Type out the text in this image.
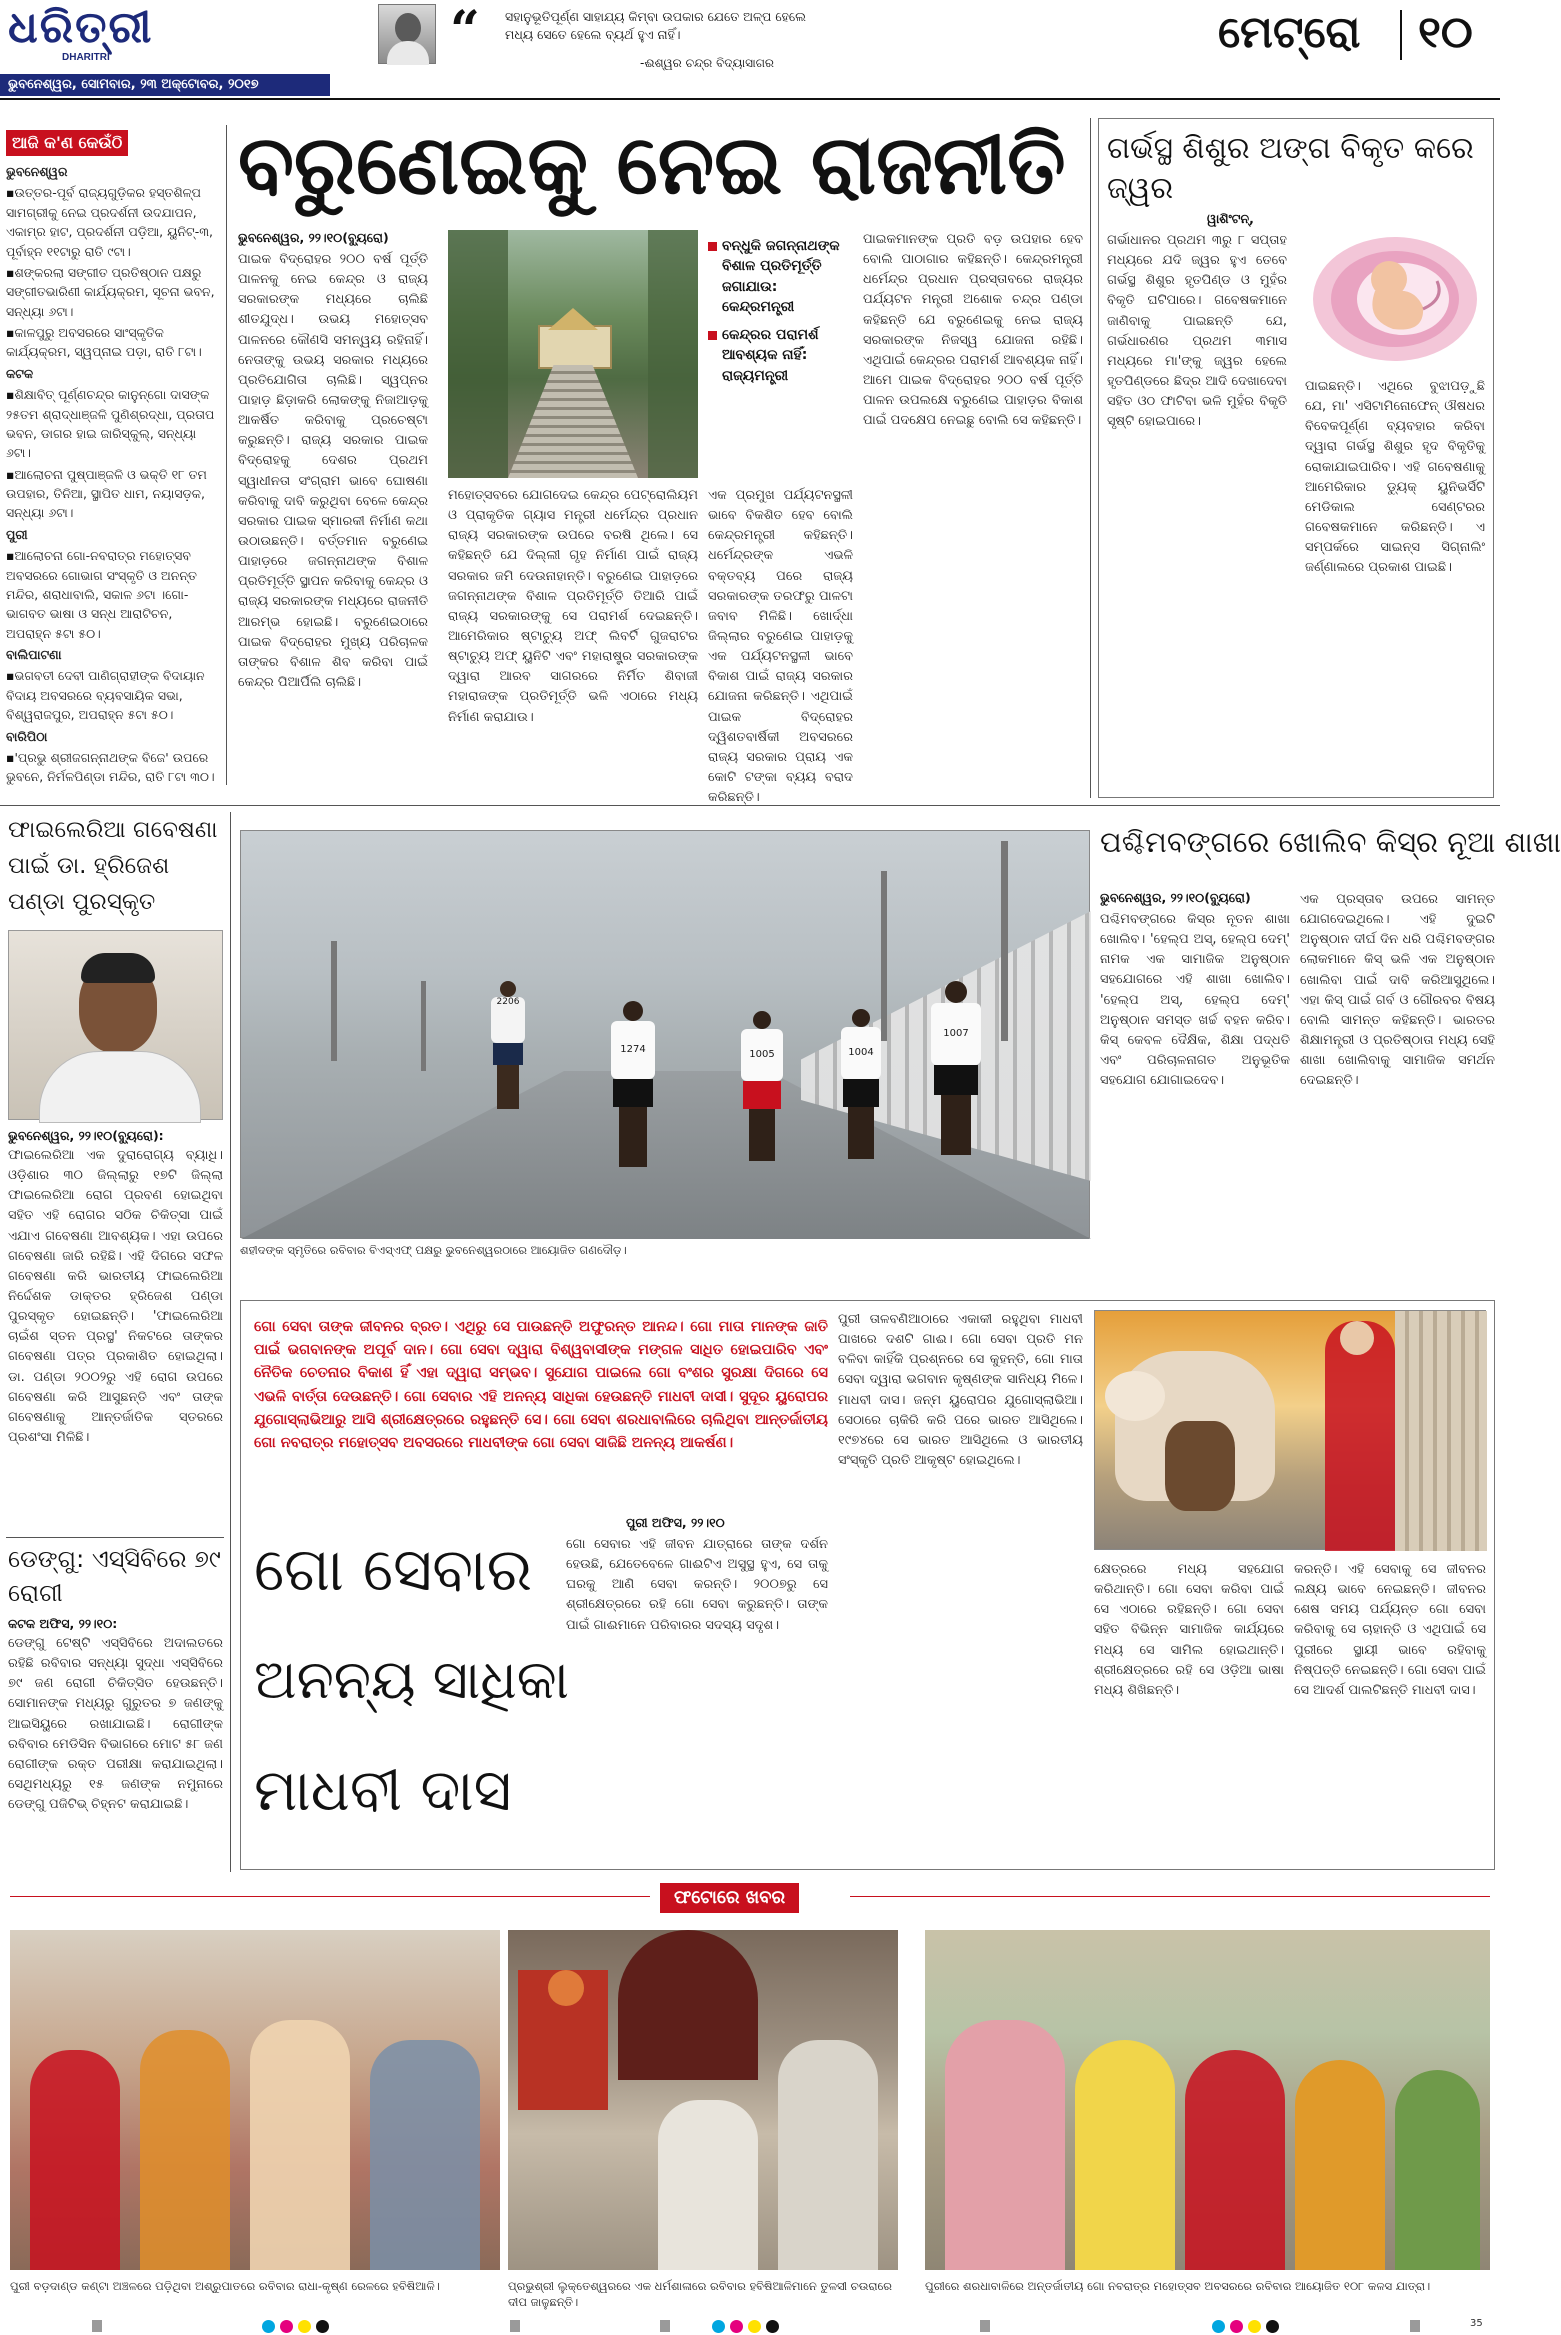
ଧରିତ୍ରୀ
DHARITRI	“ ସହାନୁଭୂତିପୂର୍ଣ୍ଣ ସାହାଯ୍ୟ କିମ୍ବା ଉପକାର ଯେତେ ଅଳ୍ପ ହେଲେ ମଧ୍ୟ ସେତେ ହେଲେ ବ୍ୟର୍ଥ ହୁଏ ନାହିଁ।
-ଈଶ୍ୱର ଚନ୍ଦ୍ର ବିଦ୍ୟାସାଗର
ମେଟ୍ରୋ ୧୦
ଭୁବନେଶ୍ୱର, ସୋମବାର, ୨୩ ଅକ୍ଟୋବର, ୨୦୧୭
ଆଜି କ'ଣ କେଉଁଠି
ଭୁବନେଶ୍ୱର
▪ ଉତ୍ତର-ପୂର୍ବ ରାଜ୍ୟଗୁଡ଼ିକର ହସ୍ତଶିଳ୍ପ ସାମଗ୍ରୀକୁ ନେଇ ପ୍ରଦର୍ଶନୀ ଉଦଯାପନ, ଏକାମ୍ର ହାଟ, ପ୍ରଦର୍ଶନୀ ପଡ଼ିଆ, ୟୁନିଟ୍-୩, ପୂର୍ବାହ୍ନ ୧୧ଟାରୁ ରାତି ୯ଟା।
▪ ଶଙ୍କରଲା ସଙ୍ଗୀତ ପ୍ରତିଷ୍ଠାନ ପକ୍ଷରୁ ସଙ୍ଗୀତଭାରିଣୀ କାର୍ଯ୍ୟକ୍ରମ, ସୂଚନା ଭବନ, ସନ୍ଧ୍ୟା ୬ଟା।
▪ କାଳପୁରୁ ଅବସରରେ ସାଂସ୍କୃତିକ କାର୍ଯ୍ୟକ୍ରମ, ସ୍ୱପ୍ନାଇ ପଡ଼ା, ରାତି ୮ଟା।
କଟକ
▪ ଶିକ୍ଷାବିତ୍ ପୂର୍ଣ୍ଣଚନ୍ଦ୍ର କାନୁନ୍‌ଗୋ ଦାସଙ୍କ ୨୫ତମ ଶ୍ରାଦ୍ଧାଞ୍ଜଳି ପୁଣିଶ୍ରଦ୍ଧା, ପ୍ରତାପ ଭବନ, ଡାଗର ହାଇ ଜାରିସ୍କୁଲ୍, ସନ୍ଧ୍ୟା ୬ଟା।
▪ ଆଲୋଚନା ପୁଷ୍ପାଞ୍ଜଳି ଓ ଭକ୍ତି ୧୮ ତମ ଉପହାର, ତିନିଆ, ସ୍ଥାପିତ ଧାମ, ନୟାସଡ଼କ, ସନ୍ଧ୍ୟା ୬ଟା।
ପୁରୀ
▪ ଆଲୋଚନା ଗୋ-ନବରାତ୍ର ମହୋତ୍ସବ ଅବସରରେ ଗୋଭାଗ ସଂସ୍କୃତି ଓ ଅନନ୍ତ ମନ୍ଦିର, ଶରାଧାବାଲି, ସକାଳ ୬ଟା ।ଗୋ-ଭାଗବତ ଭାଷା ଓ ସନ୍ଧ ଆରାଟିଚନ, ଅପରାହ୍ନ ୫ଟା ୫୦।
ବାଲିପାଟଣା
▪ ଭଗବତୀ ଦେବୀ ପାଣିଗ୍ରାହୀଙ୍କ ବିଦାୟାନ ବିଦାୟ ଅବସରରେ ବ୍ୟବସାୟିକ ସଭା, ବିଶ୍ୱରାଜପୁର, ଅପରାହ୍ନ ୫ଟା ୫୦।
ବାରିପିଠା
▪ 'ପ୍ରଭୁ ଶ୍ରୀଜଗନ୍ନାଥଙ୍କ ବିଜେ' ଉପରେ ଭୁବନେ, ନିର୍ମଳପିଣ୍ଡା ମନ୍ଦିର, ରାତି ୮ଟା ୩୦।
ବରୁଣେଇକୁ ନେଇ ରାଜନୀତି
ଭୁବନେଶ୍ୱର, ୨୨।୧୦(ବ୍ୟୁରୋ)
ପାଇକ ବିଦ୍ରୋହର ୨୦୦ ବର୍ଷ ପୂର୍ତ୍ତି ପାଳନକୁ ନେଇ କେନ୍ଦ୍ର ଓ ରାଜ୍ୟ ସରକାରଙ୍କ ମଧ୍ୟରେ ଚାଲିଛି ଶୀତଯୁଦ୍ଧ। ଉଭୟ ମହୋତ୍ସବ ପାଳନରେ କୌଣସି ସମନ୍ୱୟ ରହିନାହିଁ। ନେତାଙ୍କୁ ଉଭୟ ସରକାର ମଧ୍ୟରେ ପ୍ରତିଯୋଗିତା ଚାଲିଛି। ସ୍ୱପ୍ନର ପାହାଡ଼ ଛିଡ଼ାକରି ଲୋକଙ୍କୁ ନିଜାଆଡ଼କୁ ଆକର୍ଷିତ କରିବାକୁ ପ୍ରଚେଷ୍ଟା କରୁଛନ୍ତି। ରାଜ୍ୟ ସରକାର ପାଇକ ବିଦ୍ରୋହକୁ ଦେଶର ପ୍ରଥମ ସ୍ୱାଧୀନତା ସଂଗ୍ରାମ ଭାବେ ଘୋଷଣା କରିବାକୁ ଦାବି କରୁଥିବା ବେଳେ କେନ୍ଦ୍ର ସରକାର ପାଇକ ସ୍ମାରକୀ ନିର୍ମାଣ କଥା ଉଠାଉଛନ୍ତି। ବର୍ତ୍ତମାନ ବରୁଣେଇ ପାହାଡ଼ରେ ଜଗନ୍ନାଥଙ୍କ ବିଶାଳ ପ୍ରତିମୂର୍ତ୍ତି ସ୍ଥାପନ କରିବାକୁ କେନ୍ଦ୍ର ଓ ରାଜ୍ୟ ସରକାରଙ୍କ ମଧ୍ୟରେ ରାଜନୀତି ଆରମ୍ଭ ହୋଇଛି। ବରୁଣେଇଠାରେ ପାଇକ ବିଦ୍ରୋହର ମୁଖ୍ୟ ପରିଚାଳକ ତାଙ୍କର ବିଶାଳ ଶିବ କରିବା ପାଇଁ କେନ୍ଦ୍ର ପିଆର୍ପିଲି ଚାଲିଛି।
ବନ୍ଧୁକି ଜଗନ୍ନାଥଙ୍କ ବିଶାଳ ପ୍ରତିମୂର୍ତ୍ତି ଜଗାଯାଉ: କେନ୍ଦ୍ରମନ୍ତ୍ରୀ
କେନ୍ଦ୍ରର ପରାମର୍ଶ ଆବଶ୍ୟକ ନାହିଁ: ରାଜ୍ୟମନ୍ତ୍ରୀ
ମହୋତ୍ସବରେ ଯୋଗଦେଇ କେନ୍ଦ୍ର ପେଟ୍ରୋଲିୟମ ଓ ପ୍ରାକୃତିକ ଗ୍ୟାସ ମନ୍ତ୍ରୀ ଧର୍ମେନ୍ଦ୍ର ପ୍ରଧାନ ରାଜ୍ୟ ସରକାରଙ୍କ ଉପରେ ବରଷି ଥିଲେ। ସେ କହିଛନ୍ତି ଯେ ଦିଲ୍ଲୀ ଗୃହ ନିର୍ମାଣ ପାଇଁ ରାଜ୍ୟ ସରକାର ଜମି ଦେଉନାହାନ୍ତି। ବରୁଣେଇ ପାହାଡ଼ରେ ଜଗନ୍ନାଥଙ୍କ ବିଶାଳ ପ୍ରତିମୂର୍ତ୍ତି ତିଆରି ପାଇଁ ରାଜ୍ୟ ସରକାରଙ୍କୁ ସେ ପରାମର୍ଶ ଦେଇଛନ୍ତି। ଆମେରିକାର ଷ୍ଟାଚ୍ୟୁ ଅଫ୍ ଲିବର୍ଟି ଗୁଜରାଟର ଷ୍ଟାଚ୍ୟୁ ଅଫ୍ ୟୁନିଟି ଏବଂ ମହାରାଷ୍ଟ୍ର ସରକାରଙ୍କ ଦ୍ୱାରା ଆରବ ସାଗରରେ ନିର୍ମିତ ଶିବାଜୀ ମହାରାଜଙ୍କ ପ୍ରତିମୂର୍ତ୍ତି ଭଳି ଏଠାରେ ମଧ୍ୟ ନିର୍ମାଣ କରାଯାଉ।
ଏକ ପ୍ରମୁଖ ପର୍ଯ୍ୟଟନସ୍ଥଳୀ ଭାବେ ବିକଶିତ ହେବ ବୋଲି କେନ୍ଦ୍ରମନ୍ତ୍ରୀ କହିଛନ୍ତି। ଧର୍ମେନ୍ଦ୍ରଙ୍କ ଏଭଳି ବକ୍ତବ୍ୟ ପରେ ରାଜ୍ୟ ସରକାରଙ୍କ ତରଫରୁ ପାଳଟା ଜବାବ ମିଳିଛି। ଖୋର୍ଦ୍ଧା ଜିଲ୍ଲାର ବରୁଣେଇ ପାହାଡ଼କୁ ଏକ ପର୍ଯ୍ୟଟନସ୍ଥଳୀ ଭାବେ ବିକାଶ ପାଇଁ ରାଜ୍ୟ ସରକାର ଯୋଜନା କରିଛନ୍ତି। ଏଥିପାଇଁ ପାଇକ ବିଦ୍ରୋହର ଦ୍ୱିଶତବାର୍ଷିକୀ ଅବସରରେ ରାଜ୍ୟ ସରକାର ପ୍ରାୟ ଏକ କୋଟି ଟଙ୍କା ବ୍ୟୟ ବରାଦ କରିଛନ୍ତି।
ପାଇକମାନଙ୍କ ପ୍ରତି ବଡ଼ ଉପହାର ହେବ ବୋଲି ପାଠାଗାର କହିଛନ୍ତି। କେନ୍ଦ୍ରମନ୍ତ୍ରୀ ଧର୍ମେନ୍ଦ୍ର ପ୍ରଧାନ ପ୍ରସ୍ତାବରେ ରାଜ୍ୟର ପର୍ଯ୍ୟଟନ ମନ୍ତ୍ରୀ ଅଶୋକ ଚନ୍ଦ୍ର ପଣ୍ଡା କହିଛନ୍ତି ଯେ ବରୁଣେଇକୁ ନେଇ ରାଜ୍ୟ ସରକାରଙ୍କ ନିଜସ୍ୱ ଯୋଜନା ରହିଛି। ଏଥିପାଇଁ କେନ୍ଦ୍ରର ପରାମର୍ଶ ଆବଶ୍ୟକ ନାହିଁ। ଆମେ ପାଇକ ବିଦ୍ରୋହର ୨୦୦ ବର୍ଷ ପୂର୍ତ୍ତି ପାଳନ ଉପଲକ୍ଷେ ବରୁଣେଇ ପାହାଡ଼ର ବିକାଶ ପାଇଁ ପଦକ୍ଷେପ ନେଇଛୁ ବୋଲି ସେ କହିଛନ୍ତି।
ଗର୍ଭସ୍ଥ ଶିଶୁର ଅଙ୍ଗ ବିକୃତ କରେ ଜ୍ୱର
ୱାଶିଂଟନ୍,
ଗର୍ଭାଧାନର ପ୍ରଥମ ୩ରୁ ୮ ସପ୍ତାହ ମଧ୍ୟରେ ଯଦି ଜ୍ୱର ହୁଏ ତେବେ ଗର୍ଭସ୍ଥ ଶିଶୁର ହୃତପିଣ୍ଡ ଓ ମୁହଁର ବିକୃତି ଘଟିପାରେ। ଗବେଷକମାନେ ଜାଣିବାକୁ ପାଇଛନ୍ତି ଯେ, ଗର୍ଭଧାରଣର ପ୍ରଥମ ୩ମାସ ମଧ୍ୟରେ ମା'ଙ୍କୁ ଜ୍ୱର ହେଲେ ହୃତପିଣ୍ଡରେ ଛିଦ୍ର ଆଦି ଦେଖାଦେବା ସହିତ ଓଠ ଫାଟିବା ଭଳି ମୁହଁର ବିକୃତି ସୃଷ୍ଟି ହୋଇପାରେ।
ପାଇଛନ୍ତି। ଏଥିରେ ବୁଝାପଡ଼ୁଛି ଯେ, ମା' ଏସିଟାମିନୋଫେନ୍ ଔଷଧର ବିବେକପୂର୍ଣ୍ଣ ବ୍ୟବହାର କରିବା ଦ୍ୱାରା ଗର୍ଭସ୍ଥ ଶିଶୁର ହୃଦ ବିକୃତିକୁ ରୋକାଯାଇପାରିବ। ଏହି ଗବେଷଣାକୁ ଆମେରିକାର ଡ୍ୟୁକ୍ ୟୁନିଭର୍ସିଟି ମେଡିକାଲ ସେଣ୍ଟରର ଗବେଷକମାନେ କରିଛନ୍ତି। ଏ ସମ୍ପର୍କରେ ସାଇନ୍ସ ସିଗ୍ନାଲିଂ ଜର୍ଣ୍ଣାଲରେ ପ୍ରକାଶ ପାଇଛି।
ଫାଇଲେରିଆ ଗବେଷଣା ପାଇଁ ଡା. ହ୍ରିଜେଶ ପଣ୍ଡା ପୁରସ୍କୃତ
ଭୁବନେଶ୍ୱର, ୨୨।୧୦(ବ୍ୟୁରୋ):
ଫାଇଲେରିଆ ଏକ ଦୁରାରୋଗ୍ୟ ବ୍ୟାଧି। ଓଡ଼ିଶାର ୩୦ ଜିଲ୍ଲାରୁ ୧୭ଟି ଜିଲ୍ଲା ଫାଇଲେରିଆ ରୋଗ ପ୍ରବଣ ହୋଇଥିବା ସହିତ ଏହି ରୋଗର ସଠିକ ଚିକିତ୍ସା ପାଇଁ ଏଯାଏ ଗବେଷଣା ଆବଶ୍ୟକ। ଏହା ଉପରେ ଗବେଷଣା ଜାରି ରହିଛି। ଏହି ଦିଗରେ ସଫଳ ଗବେଷଣା କରି ଭାରତୀୟ ଫାଇଲେରିଆ ନିର୍ଦ୍ଦେଶକ ଡାକ୍ତର ହ୍ରିଜେଶ ପଣ୍ଡା ପୁରସ୍କୃତ ହୋଇଛନ୍ତି। 'ଫାଇଲେରିଆ ଚାଇଁଶ ସ୍ତନ ପ୍ରସ୍ଥ' ନିକଟରେ ତାଙ୍କର ଗବେଷଣା ପତ୍ର ପ୍ରକାଶିତ ହୋଇଥିଲା। ଡା. ପଣ୍ଡା ୨୦୦୨ରୁ ଏହି ରୋଗ ଉପରେ ଗବେଷଣା କରି ଆସୁଛନ୍ତି ଏବଂ ତାଙ୍କ ଗବେଷଣାକୁ ଆନ୍ତର୍ଜାତିକ ସ୍ତରରେ ପ୍ରଶଂସା ମିଳିଛି।
ଡେଙ୍ଗୁ: ଏସ୍‌ସିବିରେ ୭୯ ରୋଗୀ
କଟକ ଅଫିସ, ୨୨।୧୦:
ଡେଙ୍ଗୁ ଟେଷ୍ଟି ଏସ୍‌ସିବିରେ ଅଦାଲତରେ ରହିଛି ରବିବାର ସନ୍ଧ୍ୟା ସୁଦ୍ଧା ଏସ୍‌ସିବିରେ ୭୯ ଜଣ ରୋଗୀ ଚିକିତ୍ସିତ ହେଉଛନ୍ତି। ସୋମାନଙ୍କ ମଧ୍ୟରୁ ଗୁରୁତର ୭ ଜଣଙ୍କୁ ଆଇସିୟୁରେ ରଖାଯାଇଛି। ରୋଗୀଙ୍କ ରବିବାର ମେଡିସିନ ବିଭାଗରେ ମୋଟ ୫୮ ଜଣ ରୋଗୀଙ୍କ ରକ୍ତ ପରୀକ୍ଷା କରାଯାଇଥିଲା। ସେଥିମଧ୍ୟରୁ ୧୫ ଜଣଙ୍କ ନମୁନାରେ ଡେଙ୍ଗୁ ପଜିଟିଭ୍ ଚିହ୍ନଟ କରାଯାଇଛି।
2206
1274	1005	1004
1007
ଶହୀଦଙ୍କ ସ୍ମୃତିରେ ରବିବାର ବିଏସ୍‌ଏଫ୍ ପକ୍ଷରୁ ଭୁବନେଶ୍ୱରଠାରେ ଆୟୋଜିତ ଗଣଦୌଡ଼।
ପଶ୍ଚିମବଙ୍ଗରେ ଖୋଲିବ କିସ୍‌ର ନୂଆ ଶାଖା
ଭୁବନେଶ୍ୱର, ୨୨।୧୦(ବ୍ୟୁରୋ)
ପଶ୍ଚିମବଙ୍ଗରେ କିସ୍‌ର ନୂତନ ଶାଖା ଖୋଲିବ। 'ହେଲ୍ପ ଅସ୍, ହେଲ୍ପ ଦେମ୍' ନାମକ ଏକ ସାମାଜିକ ଅନୁଷ୍ଠାନ ସହଯୋଗରେ ଏହି ଶାଖା ଖୋଲିବ। 'ହେଲ୍ପ ଅସ୍, ହେଲ୍ପ ଦେମ୍' ଅନୁଷ୍ଠାନ ସମସ୍ତ ଖର୍ଚ୍ଚ ବହନ କରିବ। କିସ୍ କେବଳ ଦୈକ୍ଷିକ, ଶିକ୍ଷା ପଦ୍ଧତି ଏବଂ ପରିଚାଳନାଗତ ଅନୁଭୂତିକ ସହଯୋଗ ଯୋଗାଇଦେବ।
ଏକ ପ୍ରସ୍ତାବ ଉପରେ ସାମନ୍ତ ଯୋଗଦେଇଥିଲେ। ଏହି ଦୁଇଟି ଅନୁଷ୍ଠାନ ଦୀର୍ଘ ଦିନ ଧରି ପଶ୍ଚିମବଙ୍ଗର ଲୋକମାନେ କିସ୍ ଭଳି ଏକ ଅନୁଷ୍ଠାନ ଖୋଲିବା ପାଇଁ ଦାବି କରିଆସୁଥିଲେ। ଏହା କିସ୍ ପାଇଁ ଗର୍ବ ଓ ଗୌରବର ବିଷୟ ବୋଲି ସାମନ୍ତ କହିଛନ୍ତି। ଭାରତର ଶିକ୍ଷାମନ୍ତ୍ରୀ ଓ ପ୍ରତିଷ୍ଠାତା ମଧ୍ୟ ସେହି ଶାଖା ଖୋଲିବାକୁ ସାମାଜିକ ସମର୍ଥନ ଦେଇଛନ୍ତି।
ଗୋ ସେବା ତାଙ୍କ ଜୀବନର ବ୍ରତ। ଏଥିରୁ ସେ ପାଉଛନ୍ତି ଅଫୁରନ୍ତ ଆନନ୍ଦ। ଗୋ ମାତା ମାନଙ୍କ ଜାତି ପାଇଁ ଭଗବାନଙ୍କ ଅପୂର୍ବ ଦାନ। ଗୋ ସେବା ଦ୍ୱାରା ବିଶ୍ୱବାସୀଙ୍କ ମଙ୍ଗଳ ସାଧିତ ହୋଇପାରିବ ଏବଂ ନୈତିକ ଚେତନାର ବିକାଶ ହିଁ ଏହା ଦ୍ୱାରା ସମ୍ଭବ। ସୁଯୋଗ ପାଇଲେ ଗୋ ବଂଶର ସୁରକ୍ଷା ଦିଗରେ ସେ ଏଭଳି ବାର୍ତ୍ତା ଦେଉଛନ୍ତି। ଗୋ ସେବାର ଏହି ଅନନ୍ୟ ସାଧିକା ହେଉଛନ୍ତି ମାଧବୀ ଦାସୀ। ସୁଦୂର ୟୁରୋପର ଯୁଗୋସ୍ଲାଭିଆରୁ ଆସି ଶ୍ରୀକ୍ଷେତ୍ରରେ ରହୁଛନ୍ତି ସେ। ଗୋ ସେବା ଶରଧାବାଲିରେ ଚାଲିଥିବା ଆନ୍ତର୍ଜାତୀୟ ଗୋ ନବରାତ୍ର ମହୋତ୍ସବ ଅବସରରେ ମାଧବୀଙ୍କ ଗୋ ସେବା ସାଜିଛି ଅନନ୍ୟ ଆକର୍ଷଣ।
ଗୋ ସେବାର
ଅନନ୍ୟ ସାଧିକା
ମାଧବୀ ଦାସ
ପୁରୀ ଅଫିସ, ୨୨।୧୦
ପୁରୀ ତାଳବଣିଆଠାରେ ଏକାକୀ ରହୁଥିବା ମାଧବୀ ପାଖରେ ଦଶଟି ଗାଈ। ଗୋ ସେବା ପ୍ରତି ମନ ବଳିବା କାହିଁକି ପ୍ରଶ୍ନରେ ସେ କୁହନ୍ତି, ଗୋ ମାତା ସେବା ଦ୍ୱାରା ଭଗବାନ କୃଷ୍ଣଙ୍କ ସାନିଧ୍ୟ ମିଳେ। ମାଧବୀ ଦାସ। ଜନ୍ମ ୟୁରୋପର ଯୁଗୋସ୍ଲାଭିଆ। ସେଠାରେ ଚାକିରି କରି ପରେ ଭାରତ ଆସିଥିଲେ। ୧୯୭୪ରେ ସେ ଭାରତ ଆସିଥିଲେ ଓ ଭାରତୀୟ ସଂସ୍କୃତି ପ୍ରତି ଆକୃଷ୍ଟ ହୋଇଥିଲେ।
ଗୋ ସେବାର ଏହି ଜୀବନ ଯାତ୍ରାରେ ତାଙ୍କ ଦର୍ଶନ ହେଉଛି, ଯେତେବେଳେ ଗାଈଟିଏ ଅସୁସ୍ଥ ହୁଏ, ସେ ତାକୁ ଘରକୁ ଆଣି ସେବା କରନ୍ତି। ୨୦୦୭ରୁ ସେ ଶ୍ରୀକ୍ଷେତ୍ରରେ ରହି ଗୋ ସେବା କରୁଛନ୍ତି। ତାଙ୍କ ପାଇଁ ଗାଈମାନେ ପରିବାରର ସଦସ୍ୟ ସଦୃଶ।
କ୍ଷେତ୍ରରେ ମଧ୍ୟ ସହଯୋଗ କରିଥାନ୍ତି। ଗୋ ସେବା କରିବା ପାଇଁ ସେ ଏଠାରେ ରହିଛନ୍ତି। ଗୋ ସେବା ସହିତ ବିଭିନ୍ନ ସାମାଜିକ କାର୍ଯ୍ୟରେ ମଧ୍ୟ ସେ ସାମିଲ ହୋଇଥାନ୍ତି। ଶ୍ରୀକ୍ଷେତ୍ରରେ ରହି ସେ ଓଡ଼ିଆ ଭାଷା ମଧ୍ୟ ଶିଖିଛନ୍ତି।
କରନ୍ତି। ଏହି ସେବାକୁ ସେ ଜୀବନର ଲକ୍ଷ୍ୟ ଭାବେ ନେଇଛନ୍ତି। ଜୀବନର ଶେଷ ସମୟ ପର୍ଯ୍ୟନ୍ତ ଗୋ ସେବା କରିବାକୁ ସେ ଚାହାନ୍ତି ଓ ଏଥିପାଇଁ ସେ ପୁରୀରେ ସ୍ଥାୟୀ ଭାବେ ରହିବାକୁ ନିଷ୍ପତ୍ତି ନେଇଛନ୍ତି। ଗୋ ସେବା ପାଇଁ ସେ ଆଦର୍ଶ ପାଲଟିଛନ୍ତି ମାଧବୀ ଦାସ।
ଫଟୋରେ ଖବର
ପୁରୀ ବଡ଼ଦାଣ୍ଡ କଣ୍ଟା ଅଞ୍ଚଳରେ ପଡ଼ିଥିବା ଅଶ୍ରୁପାତରେ ରବିବାର ରାଧା-କୃଷ୍ଣ ରେଳରେ ହବିଷିଆଳି।	ପ୍ରଭୁଶ୍ରୀ ଲୁକ୍ତେଶ୍ୱରରେ ଏକ ଧର୍ମଶାଳାରେ ରବିବାର ହବିଷିଆଳିମାନେ ତୁଳସୀ ଚଉରାରେ ଦୀପ ଜାଳୁଛନ୍ତି।
ପୁରୀରେ ଶରଧାବାଳିରେ ଅନ୍ତର୍ଜାତୀୟ ଗୋ ନବରାତ୍ର ମହୋତ୍ସବ ଅବସରରେ ରବିବାର ଆୟୋଜିତ ୧୦୮ କଳସ ଯାତ୍ରା।
35
